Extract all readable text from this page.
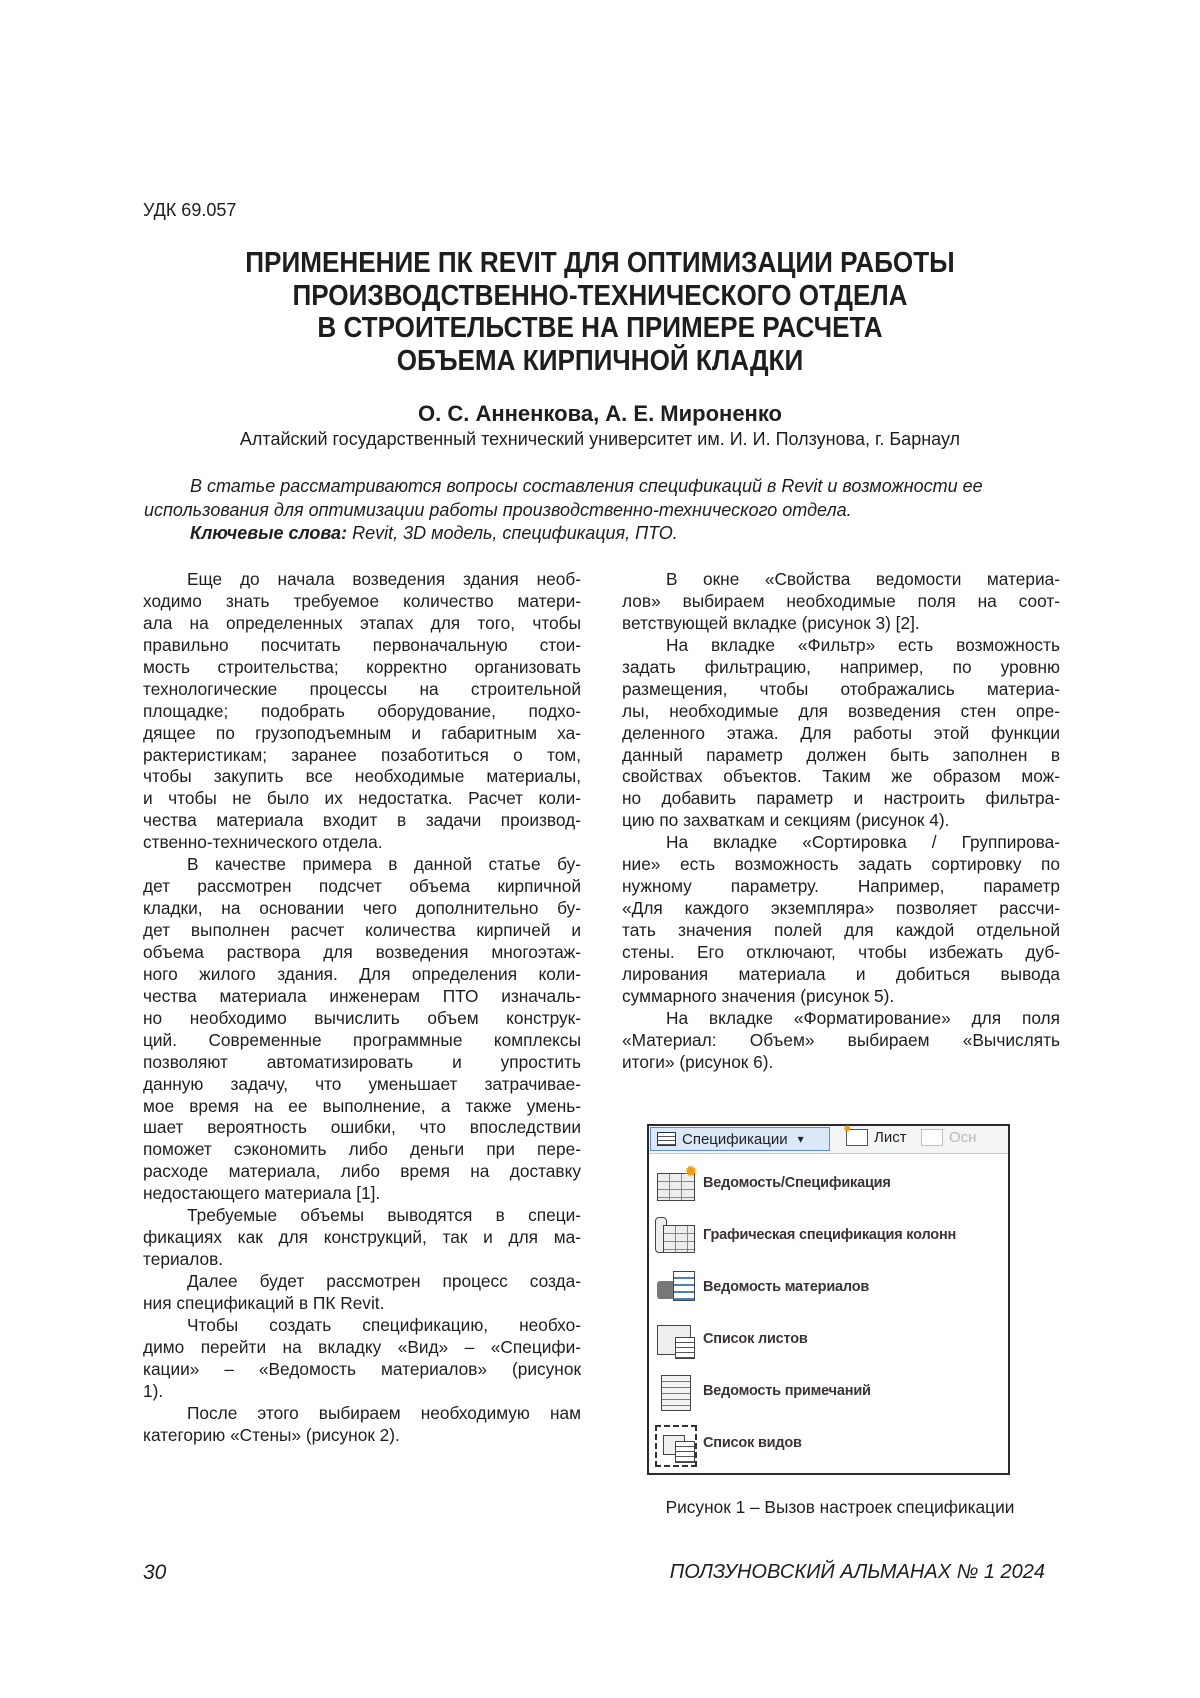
УДК 69.057
ПРИМЕНЕНИЕ ПК REVIT ДЛЯ ОПТИМИЗАЦИИ РАБОТЫ
ПРОИЗВОДСТВЕННО-ТЕХНИЧЕСКОГО ОТДЕЛА
В СТРОИТЕЛЬСТВЕ НА ПРИМЕРЕ РАСЧЕТА
ОБЪЕМА КИРПИЧНОЙ КЛАДКИ
О. С. Анненкова, А. Е. Мироненко
Алтайский государственный технический университет им. И. И. Ползунова, г. Барнаул
В статье рассматриваются вопросы составления спецификаций в Revit и возможности ее использования для оптимизации работы производственно-технического отдела.
Ключевые слова: Revit, 3D модель, спецификация, ПТО.
Еще до начала возведения здания необ-
ходимо знать требуемое количество матери-
ала на определенных этапах для того, чтобы
правильно посчитать первоначальную стои-
мость строительства; корректно организовать
технологические процессы на строительной
площадке; подобрать оборудование, подхо-
дящее по грузоподъемным и габаритным ха-
рактеристикам; заранее позаботиться о том,
чтобы закупить все необходимые материалы,
и чтобы не было их недостатка. Расчет коли-
чества материала входит в задачи производ-
ственно-технического отдела.
В качестве примера в данной статье бу-
дет рассмотрен подсчет объема кирпичной
кладки, на основании чего дополнительно бу-
дет выполнен расчет количества кирпичей и
объема раствора для возведения многоэтаж-
ного жилого здания. Для определения коли-
чества материала инженерам ПТО изначаль-
но необходимо вычислить объем конструк-
ций. Современные программные комплексы
позволяют автоматизировать и упростить
данную задачу, что уменьшает затрачивае-
мое время на ее выполнение, а также умень-
шает вероятность ошибки, что впоследствии
поможет сэкономить либо деньги при пере-
расходе материала, либо время на доставку
недостающего материала [1].
Требуемые объемы выводятся в специ-
фикациях как для конструкций, так и для ма-
териалов.
Далее будет рассмотрен процесс созда-
ния спецификаций в ПК Revit.
Чтобы создать спецификацию, необхо-
димо перейти на вкладку «Вид» – «Специфи-
кации» – «Ведомость материалов» (рисунок
1).
После этого выбираем необходимую нам
категорию «Стены» (рисунок 2).
В окне «Свойства ведомости материа-
лов» выбираем необходимые поля на соот-
ветствующей вкладке (рисунок 3) [2].
На вкладке «Фильтр» есть возможность
задать фильтрацию, например, по уровню
размещения, чтобы отображались материа-
лы, необходимые для возведения стен опре-
деленного этажа. Для работы этой функции
данный параметр должен быть заполнен в
свойствах объектов. Таким же образом мож-
но добавить параметр и настроить фильтра-
цию по захваткам и секциям (рисунок 4).
На вкладке «Сортировка / Группирова-
ние» есть возможность задать сортировку по
нужному параметру. Например, параметр
«Для каждого экземпляра» позволяет рассчи-
тать значения полей для каждой отдельной
стены. Его отключают, чтобы избежать дуб-
лирования материала и добиться вывода
суммарного значения (рисунок 5).
На вкладке «Форматирование» для поля
«Материал: Объем» выбираем «Вычислять
итоги» (рисунок 6).
Спецификации ▾
✹ Лист	Осн
✹
Ведомость/Спецификация
Графическая спецификация колонн
Ведомость материалов
Список листов
Ведомость примечаний
Список видов
Рисунок 1 – Вызов настроек спецификации
30	ПОЛЗУНОВСКИЙ АЛЬМАНАХ № 1 2024
